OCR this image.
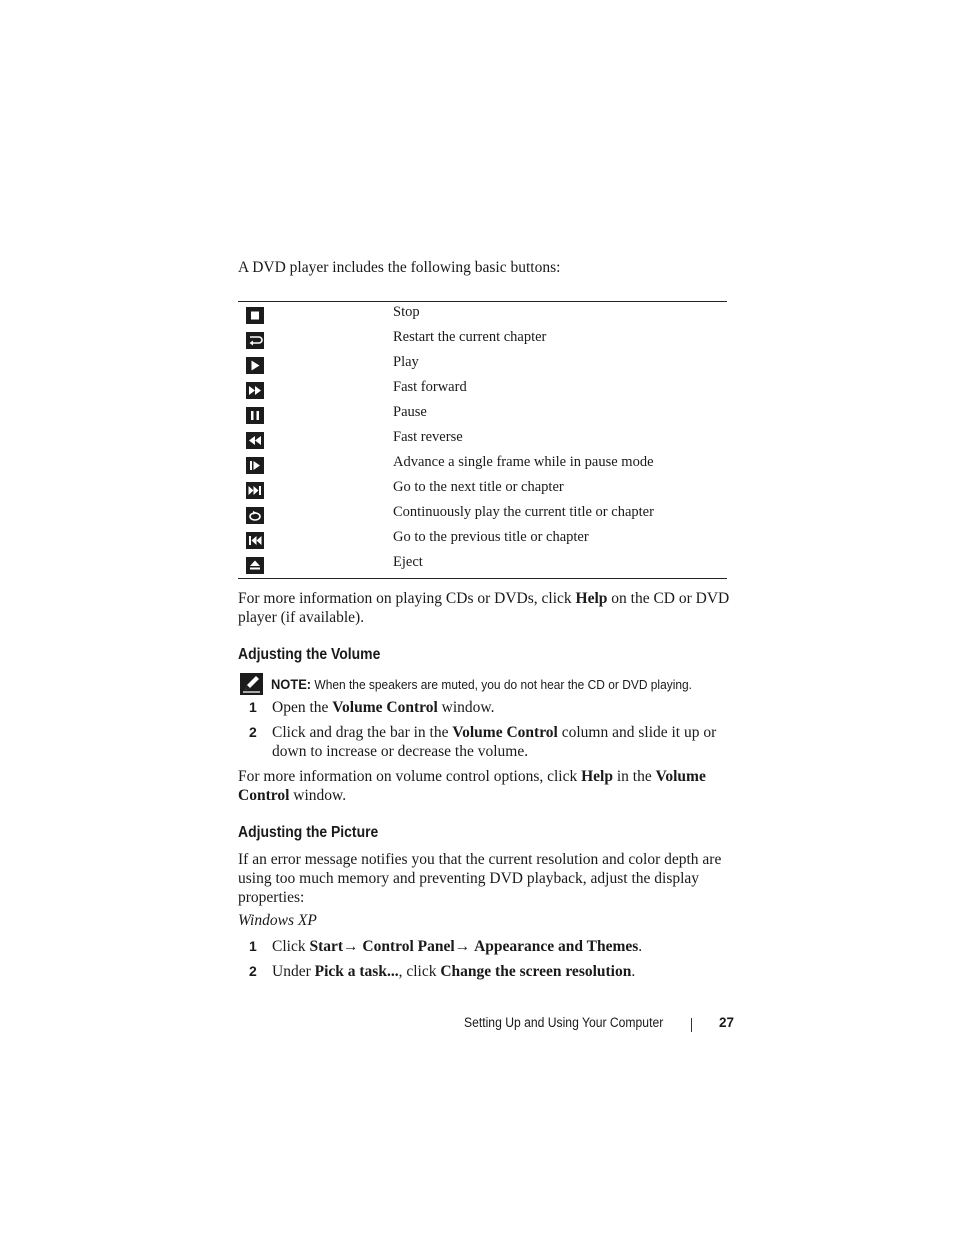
A DVD player includes the following basic buttons:
Stop
Restart the current chapter
Play
Fast forward
Pause
Fast reverse
Advance a single frame while in pause mode
Go to the next title or chapter
Continuously play the current title or chapter
Go to the previous title or chapter
Eject
For more information on playing CDs or DVDs, click Help on the CD or DVD player (if available).
Adjusting the Volume
NOTE: When the speakers are muted, you do not hear the CD or DVD playing.
1 Open the Volume Control window.
2 Click and drag the bar in the Volume Control column and slide it up or down to increase or decrease the volume.
For more information on volume control options, click Help in the Volume Control window.
Adjusting the Picture
If an error message notifies you that the current resolution and color depth are using too much memory and preventing DVD playback, adjust the display properties:
Windows XP
1 Click Start→ Control Panel→ Appearance and Themes.
2 Under Pick a task..., click Change the screen resolution.
Setting Up and Using Your Computer	27
